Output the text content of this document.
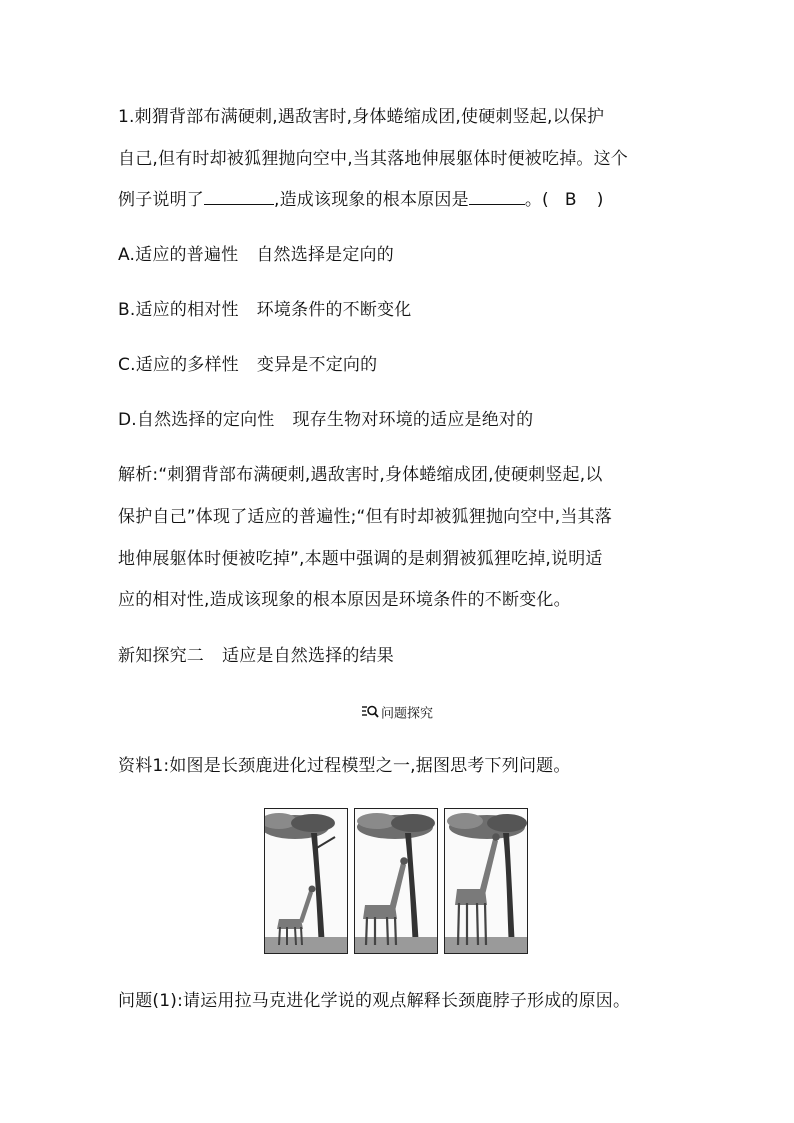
1.刺猬背部布满硬刺,遇敌害时,身体蜷缩成团,使硬刺竖起,以保护
自己,但有时却被狐狸抛向空中,当其落地伸展躯体时便被吃掉。这个
例子说明了	,造成该现象的根本原因是	。( B )
A.适应的普遍性 自然选择是定向的
B.适应的相对性 环境条件的不断变化
C.适应的多样性 变异是不定向的
D.自然选择的定向性 现存生物对环境的适应是绝对的
解析:“刺猬背部布满硬刺,遇敌害时,身体蜷缩成团,使硬刺竖起,以
保护自己”体现了适应的普遍性;“但有时却被狐狸抛向空中,当其落
地伸展躯体时便被吃掉”,本题中强调的是刺猬被狐狸吃掉,说明适
应的相对性,造成该现象的根本原因是环境条件的不断变化。
新知探究二 适应是自然选择的结果
问题探究
资料1:如图是长颈鹿进化过程模型之一,据图思考下列问题。
问题(1):请运用拉马克进化学说的观点解释长颈鹿脖子形成的原因。
